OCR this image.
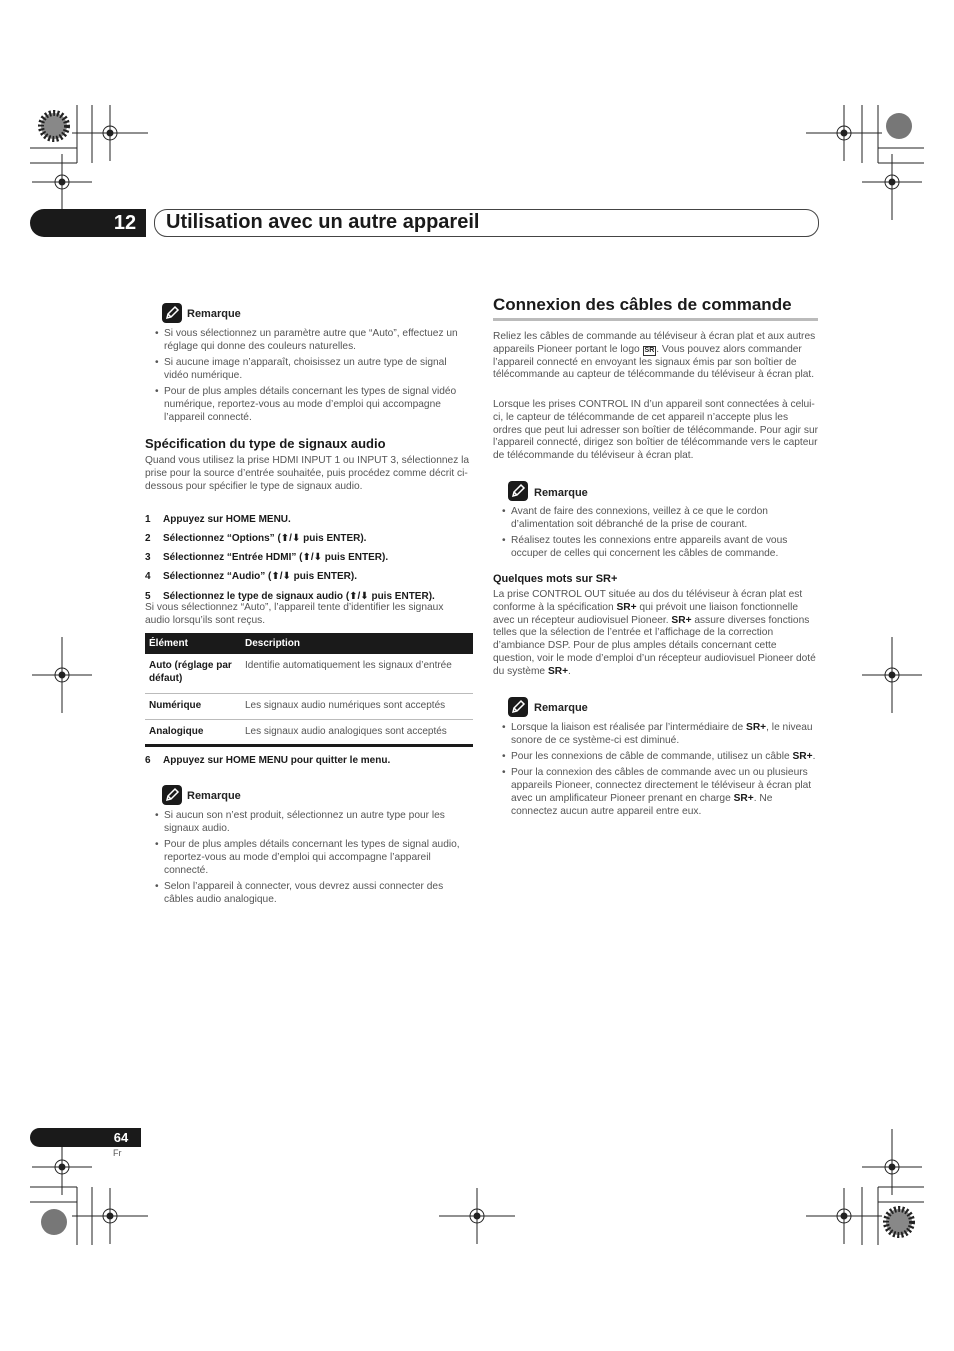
12 Utilisation avec un autre appareil
Remarque
• Si vous sélectionnez un paramètre autre que “Auto”, effectuez un réglage qui donne des couleurs naturelles.
• Si aucune image n’apparaît, choisissez un autre type de signal vidéo numérique.
• Pour de plus amples détails concernant les types de signal vidéo numérique, reportez-vous au mode d’emploi qui accompagne l’appareil connecté.
Spécification du type de signaux audio

Quand vous utilisez la prise HDMI INPUT 1 ou INPUT 3, sélectionnez la prise pour la source d’entrée souhaitée, puis procédez comme décrit ci-dessous pour spécifier le type de signaux audio.

1 Appuyez sur HOME MENU.
2 Sélectionnez “Options” (⬆/⬇ puis ENTER).
3 Sélectionnez “Entrée HDMI” (⬆/⬇ puis ENTER).
4 Sélectionnez “Audio” (⬆/⬇ puis ENTER).
5 Sélectionnez le type de signaux audio (⬆/⬇ puis ENTER).

Si vous sélectionnez “Auto”, l’appareil tente d’identifier les signaux audio lorsqu’ils sont reçus.

Élément	Description
Auto (réglage par défaut)	Identifie automatiquement les signaux d’entrée
Numérique	Les signaux audio numériques sont acceptés
Analogique	Les signaux audio analogiques sont acceptés
6 Appuyez sur HOME MENU pour quitter le menu.
Remarque
• Si aucun son n’est produit, sélectionnez un autre type pour les signaux audio.
• Pour de plus amples détails concernant les types de signal audio, reportez-vous au mode d’emploi qui accompagne l’appareil connecté.
• Selon l’appareil à connecter, vous devrez aussi connecter des câbles audio analogique.
Connexion des câbles de commande

Reliez les câbles de commande au téléviseur à écran plat et aux autres appareils Pioneer portant le logo SR . Vous pouvez alors commander l’appareil connecté en envoyant les signaux émis par son boîtier de télécommande au capteur de télécommande du téléviseur à écran plat.

Lorsque les prises CONTROL IN d’un appareil sont connectées à celui-ci, le capteur de télécommande de cet appareil n’accepte plus les ordres que peut lui adresser son boîtier de télécommande. Pour agir sur l’appareil connecté, dirigez son boîtier de télécommande vers le capteur de télécommande du téléviseur à écran plat.

Remarque
• Avant de faire des connexions, veillez à ce que le cordon d’alimentation soit débranché de la prise de courant.
• Réalisez toutes les connexions entre appareils avant de vous occuper de celles qui concernent les câbles de commande.
Quelques mots sur SR+

La prise CONTROL OUT située au dos du téléviseur à écran plat est conforme à la spécification SR+ qui prévoit une liaison fonctionnelle avec un récepteur audiovisuel Pioneer. SR+ assure diverses fonctions telles que la sélection de l’entrée et l’affichage de la correction d’ambiance DSP. Pour de plus amples détails concernant cette question, voir le mode d’emploi d’un récepteur audiovisuel Pioneer doté du système SR+.

Remarque
• Lorsque la liaison est réalisée par l’intermédiaire de SR+, le niveau sonore de ce système-ci est diminué.
• Pour les connexions de câble de commande, utilisez un câble SR+.
• Pour la connexion des câbles de commande avec un ou plusieurs appareils Pioneer, connectez directement le téléviseur à écran plat avec un amplificateur Pioneer prenant en charge SR+. Ne connectez aucun autre appareil entre eux.
64
Fr
